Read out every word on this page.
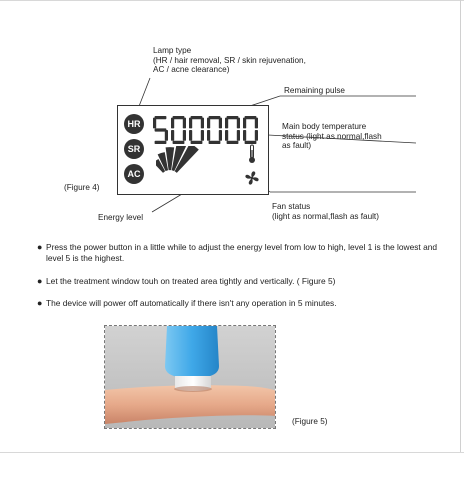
Lamp type
(HR / hair removal, SR / skin rejuvenation,
AC / acne clearance)
Remaining pulse
Main body temperature
status (light as normal,flash
as fault)
(Figure 4)
Energy level
Fan status
(light as normal,flash as fault)
HR
SR
AC
● Press the power button in a little while to adjust the energy level from low to high, level 1 is the lowest and level 5 is the highest.
● Let the treatment window touh on treated area tightly and vertically. ( Figure 5)
● The device will power off automatically if there isn't any operation in 5 minutes.
(Figure 5)
